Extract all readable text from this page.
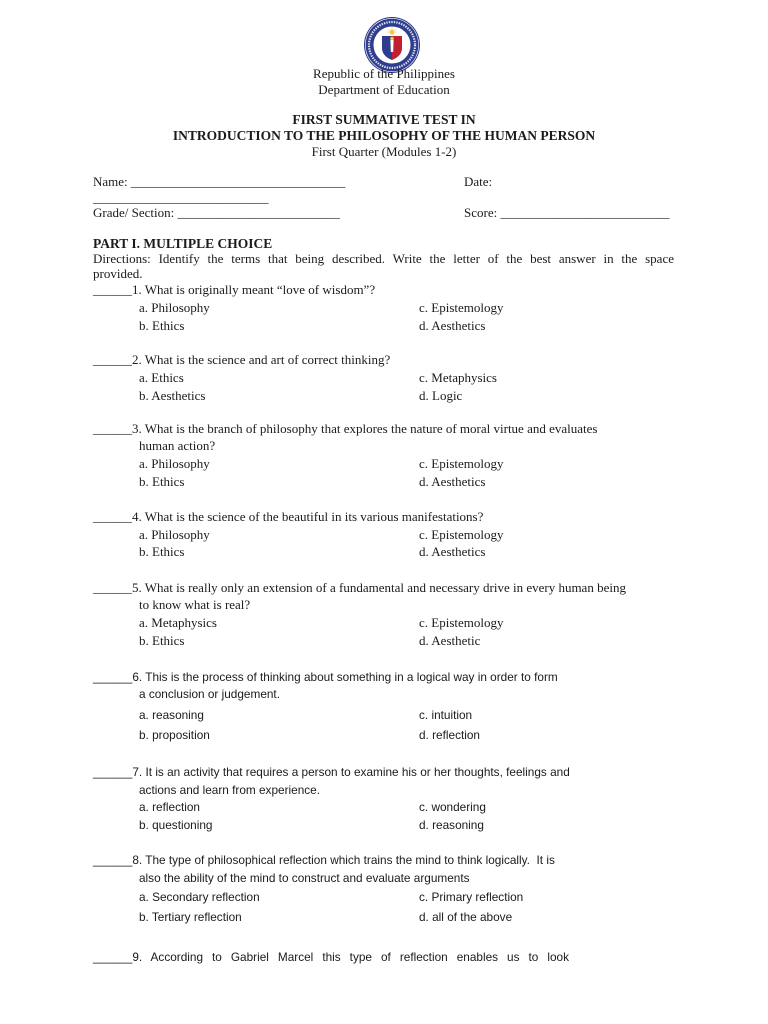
Republic of the Philippines
Department of Education
FIRST SUMMATIVE TEST IN
INTRODUCTION TO THE PHILOSOPHY OF THE HUMAN PERSON
First Quarter (Modules 1-2)
Name: _________________________________	Date:
___________________________
Grade/ Section: _________________________	Score: __________________________
PART I. MULTIPLE CHOICE
Directions: Identify the terms that being described. Write the letter of the best answer in the space
provided.
______1. What is originally meant “love of wisdom”?
a. Philosophy	c. Epistemology
b. Ethics	d. Aesthetics
______2. What is the science and art of correct thinking?
a. Ethics	c. Metaphysics
b. Aesthetics	d. Logic
______3. What is the branch of philosophy that explores the nature of moral virtue and evaluates
human action?
a. Philosophy	c. Epistemology
b. Ethics	d. Aesthetics
______4. What is the science of the beautiful in its various manifestations?
a. Philosophy	c. Epistemology
b. Ethics	d. Aesthetics
______5. What is really only an extension of a fundamental and necessary drive in every human being
to know what is real?
a. Metaphysics	c. Epistemology
b. Ethics	d. Aesthetic
______6. This is the process of thinking about something in a logical way in order to form
a conclusion or judgement.
a. reasoning	c. intuition
b. proposition	d. reflection
______7. It is an activity that requires a person to examine his or her thoughts, feelings and
actions and learn from experience.
a. reflection	c. wondering
b. questioning	d. reasoning
______8. The type of philosophical reflection which trains the mind to think logically.  It is
also the ability of the mind to construct and evaluate arguments
a. Secondary reflection	c. Primary reflection
b. Tertiary reflection	d. all of the above
______9. According to Gabriel Marcel this type of reflection enables us to look
